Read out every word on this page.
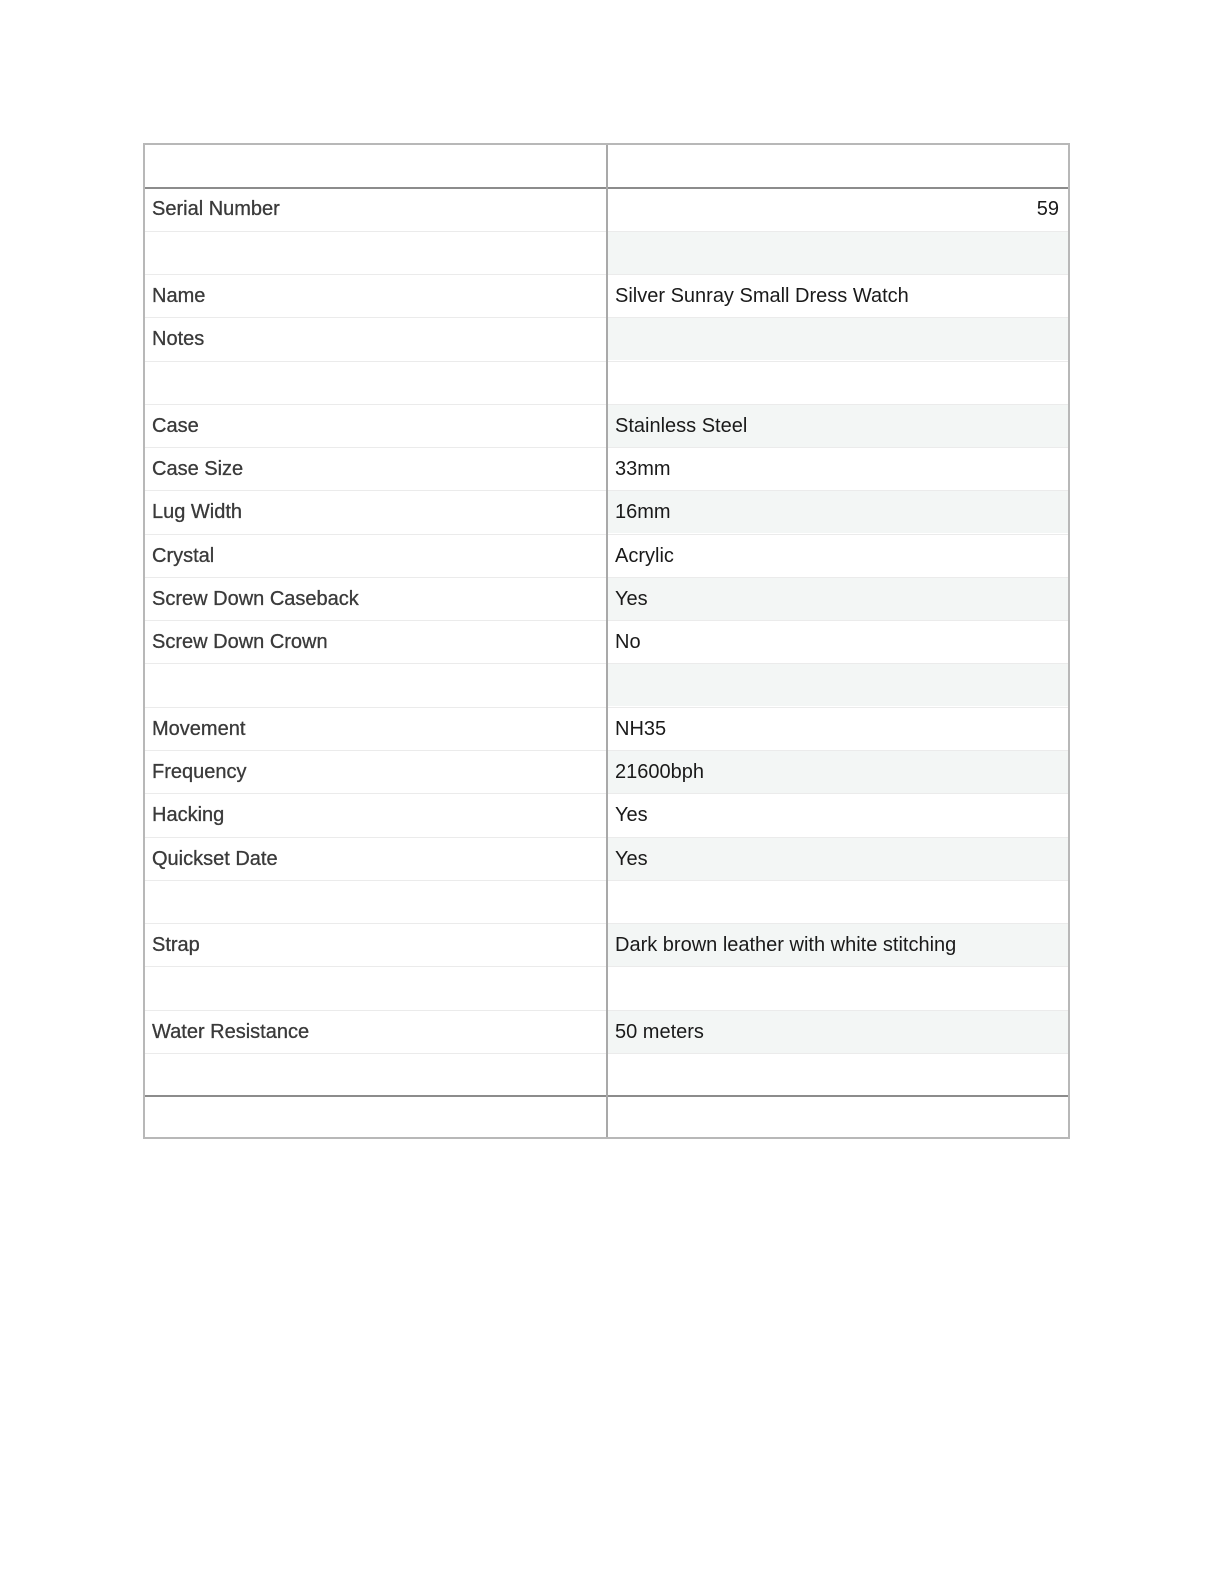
Serial Number	59
Name	Silver Sunray Small Dress Watch
Notes
Case	Stainless Steel
Case Size	33mm
Lug Width	16mm
Crystal	Acrylic
Screw Down Caseback	Yes
Screw Down Crown	No
Movement	NH35
Frequency	21600bph
Hacking	Yes
Quickset Date	Yes
Strap	Dark brown leather with white stitching
Water Resistance	50 meters
